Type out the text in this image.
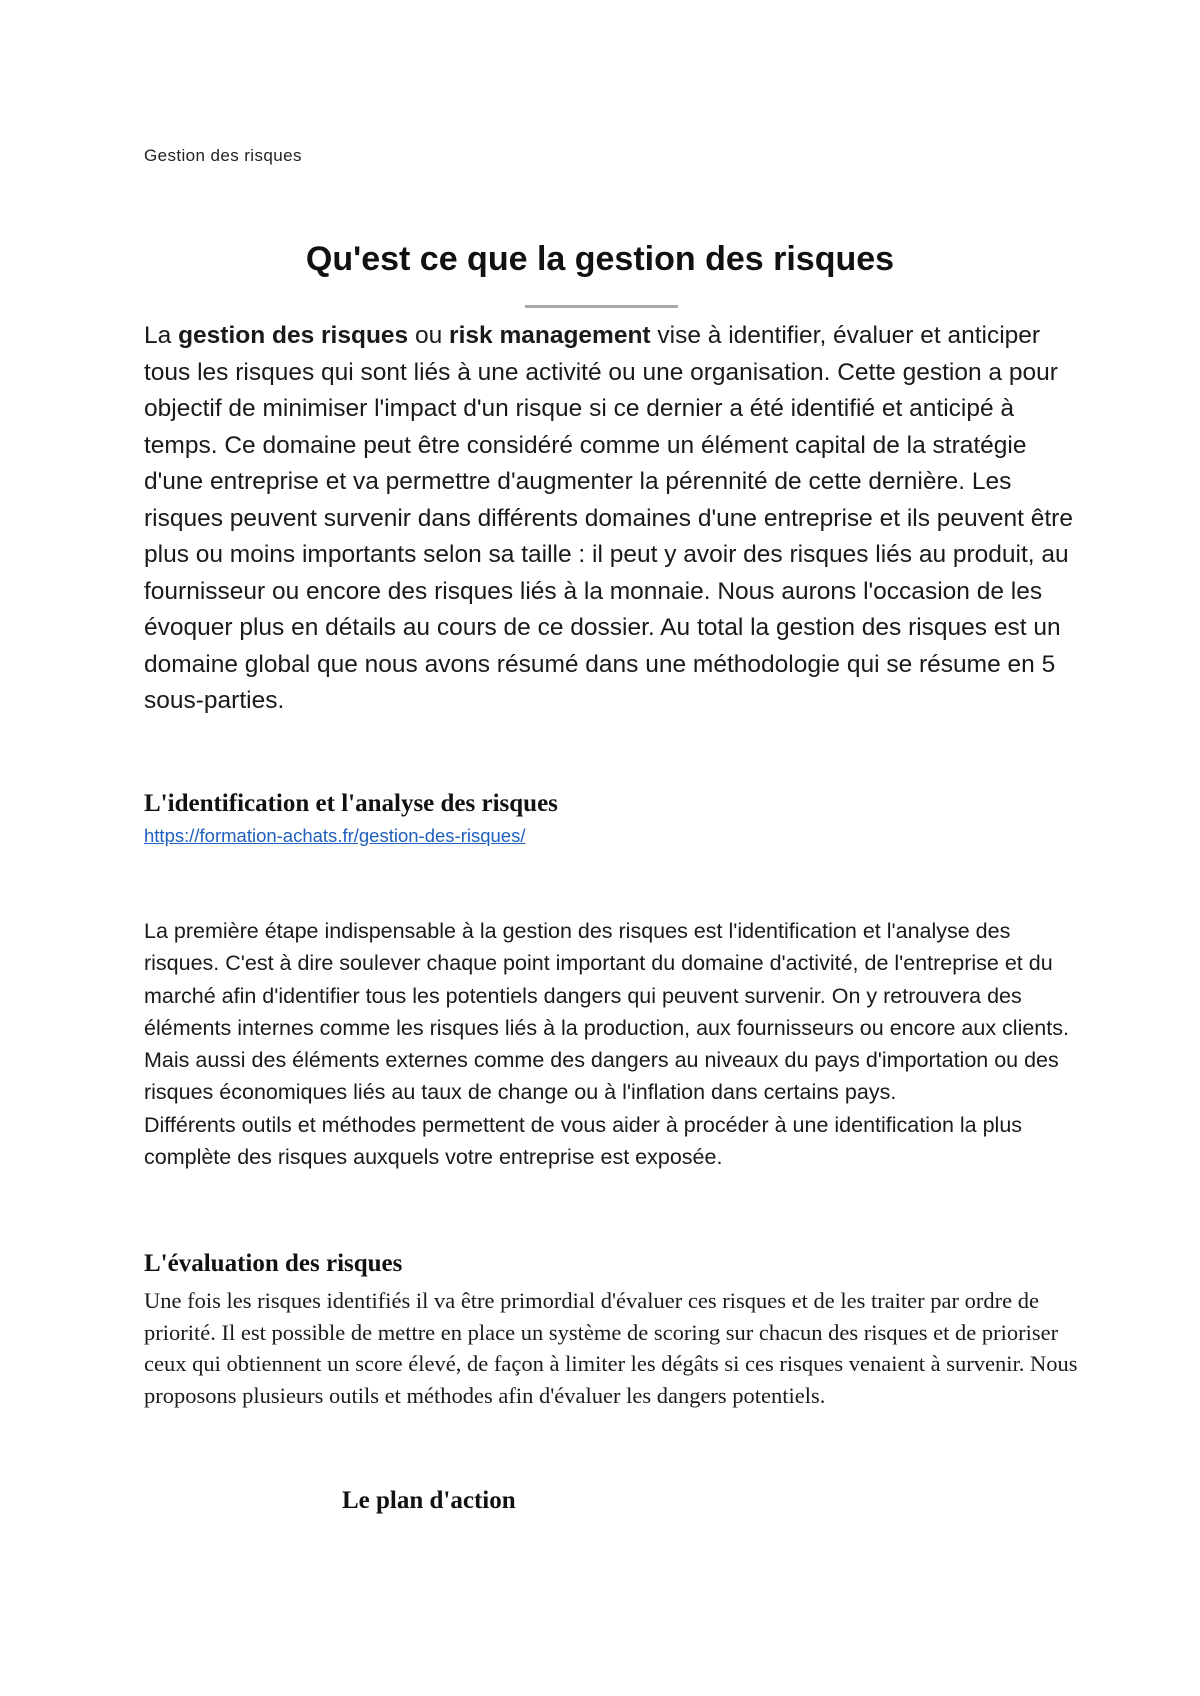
Gestion des risques
Qu'est ce que la gestion des risques

La gestion des risques ou risk management vise à identifier, évaluer et anticiper tous les risques qui sont liés à une activité ou une organisation. Cette gestion a pour objectif de minimiser l'impact d'un risque si ce dernier a été identifié et anticipé à temps. Ce domaine peut être considéré comme un élément capital de la stratégie d'une entreprise et va permettre d'augmenter la pérennité de cette dernière. Les risques peuvent survenir dans différents domaines d'une entreprise et ils peuvent être plus ou moins importants selon sa taille : il peut y avoir des risques liés au produit, au fournisseur ou encore des risques liés à la monnaie. Nous aurons l'occasion de les évoquer plus en détails au cours de ce dossier. Au total la gestion des risques est un domaine global que nous avons résumé dans une méthodologie qui se résume en 5 sous-parties.

L'identification et l'analyse des risques
https://formation-achats.fr/gestion-des-risques/
La première étape indispensable à la gestion des risques est l'identification et l'analyse des risques. C'est à dire soulever chaque point important du domaine d'activité, de l'entreprise et du marché afin d'identifier tous les potentiels dangers qui peuvent survenir. On y retrouvera des éléments internes comme les risques liés à la production, aux fournisseurs ou encore aux clients. Mais aussi des éléments externes comme des dangers au niveaux du pays d'importation ou des risques économiques liés au taux de change ou à l'inflation dans certains pays.
Différents outils et méthodes permettent de vous aider à procéder à une identification la plus complète des risques auxquels votre entreprise est exposée.
L'évaluation des risques

Une fois les risques identifiés il va être primordial d'évaluer ces risques et de les traiter par ordre de priorité. Il est possible de mettre en place un système de scoring sur chacun des risques et de prioriser ceux qui obtiennent un score élevé, de façon à limiter les dégâts si ces risques venaient à survenir. Nous proposons plusieurs outils et méthodes afin d'évaluer les dangers potentiels.

Le plan d'action
